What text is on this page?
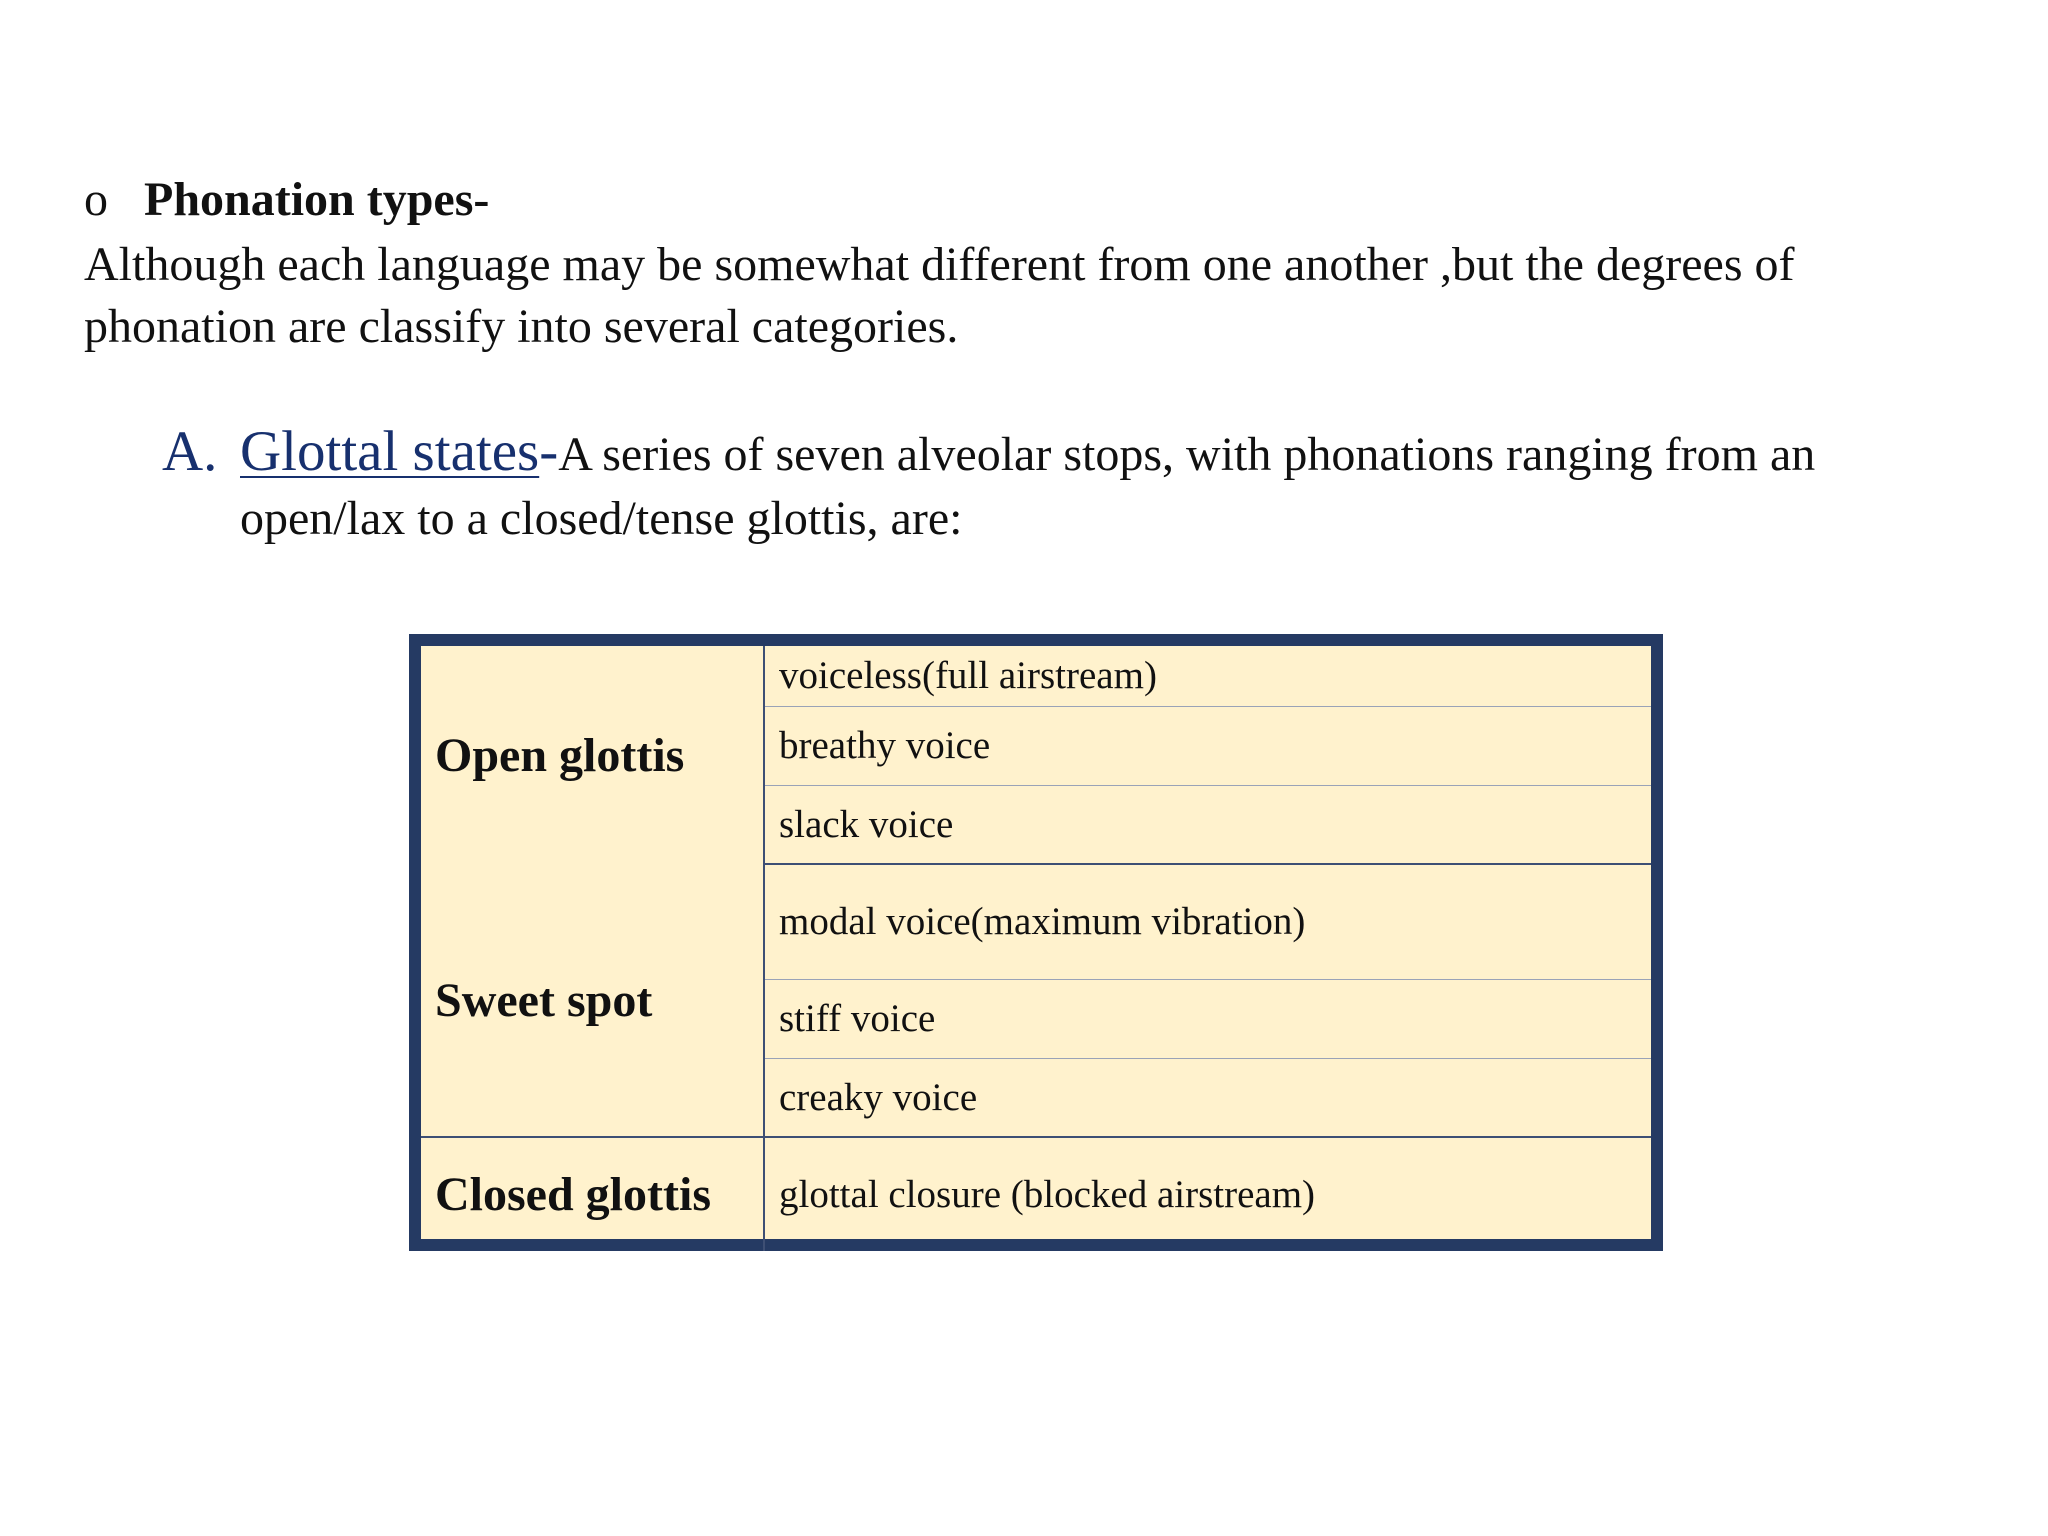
o Phonation types-
Although each language may be somewhat different from one another ,but the degrees of phonation are classify into several categories.
A. Glottal states-A series of seven alveolar stops, with phonations ranging from an open/lax to a closed/tense glottis, are:
Open glottis	voiceless(full airstream)
	breathy voice
	slack voice
Sweet spot	modal voice(maximum vibration)
	stiff voice
	creaky voice
Closed glottis	glottal closure (blocked airstream)
